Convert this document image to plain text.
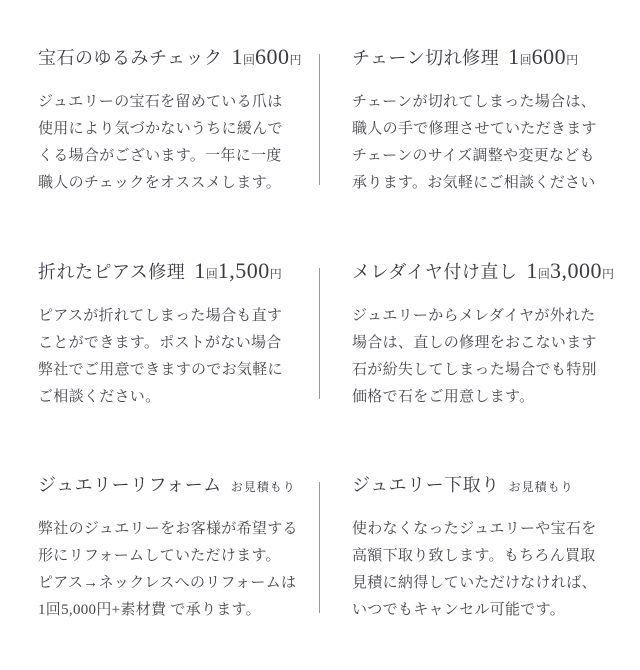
宝石のゆるみチェック 1回600円

ジュエリーの宝石を留めている爪は
使用により気づかないうちに緩んで
くる場合がございます。一年に一度
職人のチェックをオススメします。

チェーン切れ修理 1回600円

チェーンが切れてしまった場合は、
職人の手で修理させていただきます
チェーンのサイズ調整や変更なども
承ります。お気軽にご相談ください

折れたピアス修理 1回1,500円

ピアスが折れてしまった場合も直す
ことができます。ポストがない場合
弊社でご用意できますのでお気軽に
ご相談ください。

メレダイヤ付け直し 1回3,000円

ジュエリーからメレダイヤが外れた
場合は、直しの修理をおこないます
石が紛失してしまった場合でも特別
価格で石をご用意します。

ジュエリーリフォーム お見積もり

弊社のジュエリーをお客様が希望する
形にリフォームしていただけます。
ピアス→ネックレスへのリフォームは
1回5,000円+素材費 で承ります。

ジュエリー下取り お見積もり

使わなくなったジュエリーや宝石を
高額下取り致します。もちろん買取
見積に納得していただけなければ、
いつでもキャンセル可能です。
